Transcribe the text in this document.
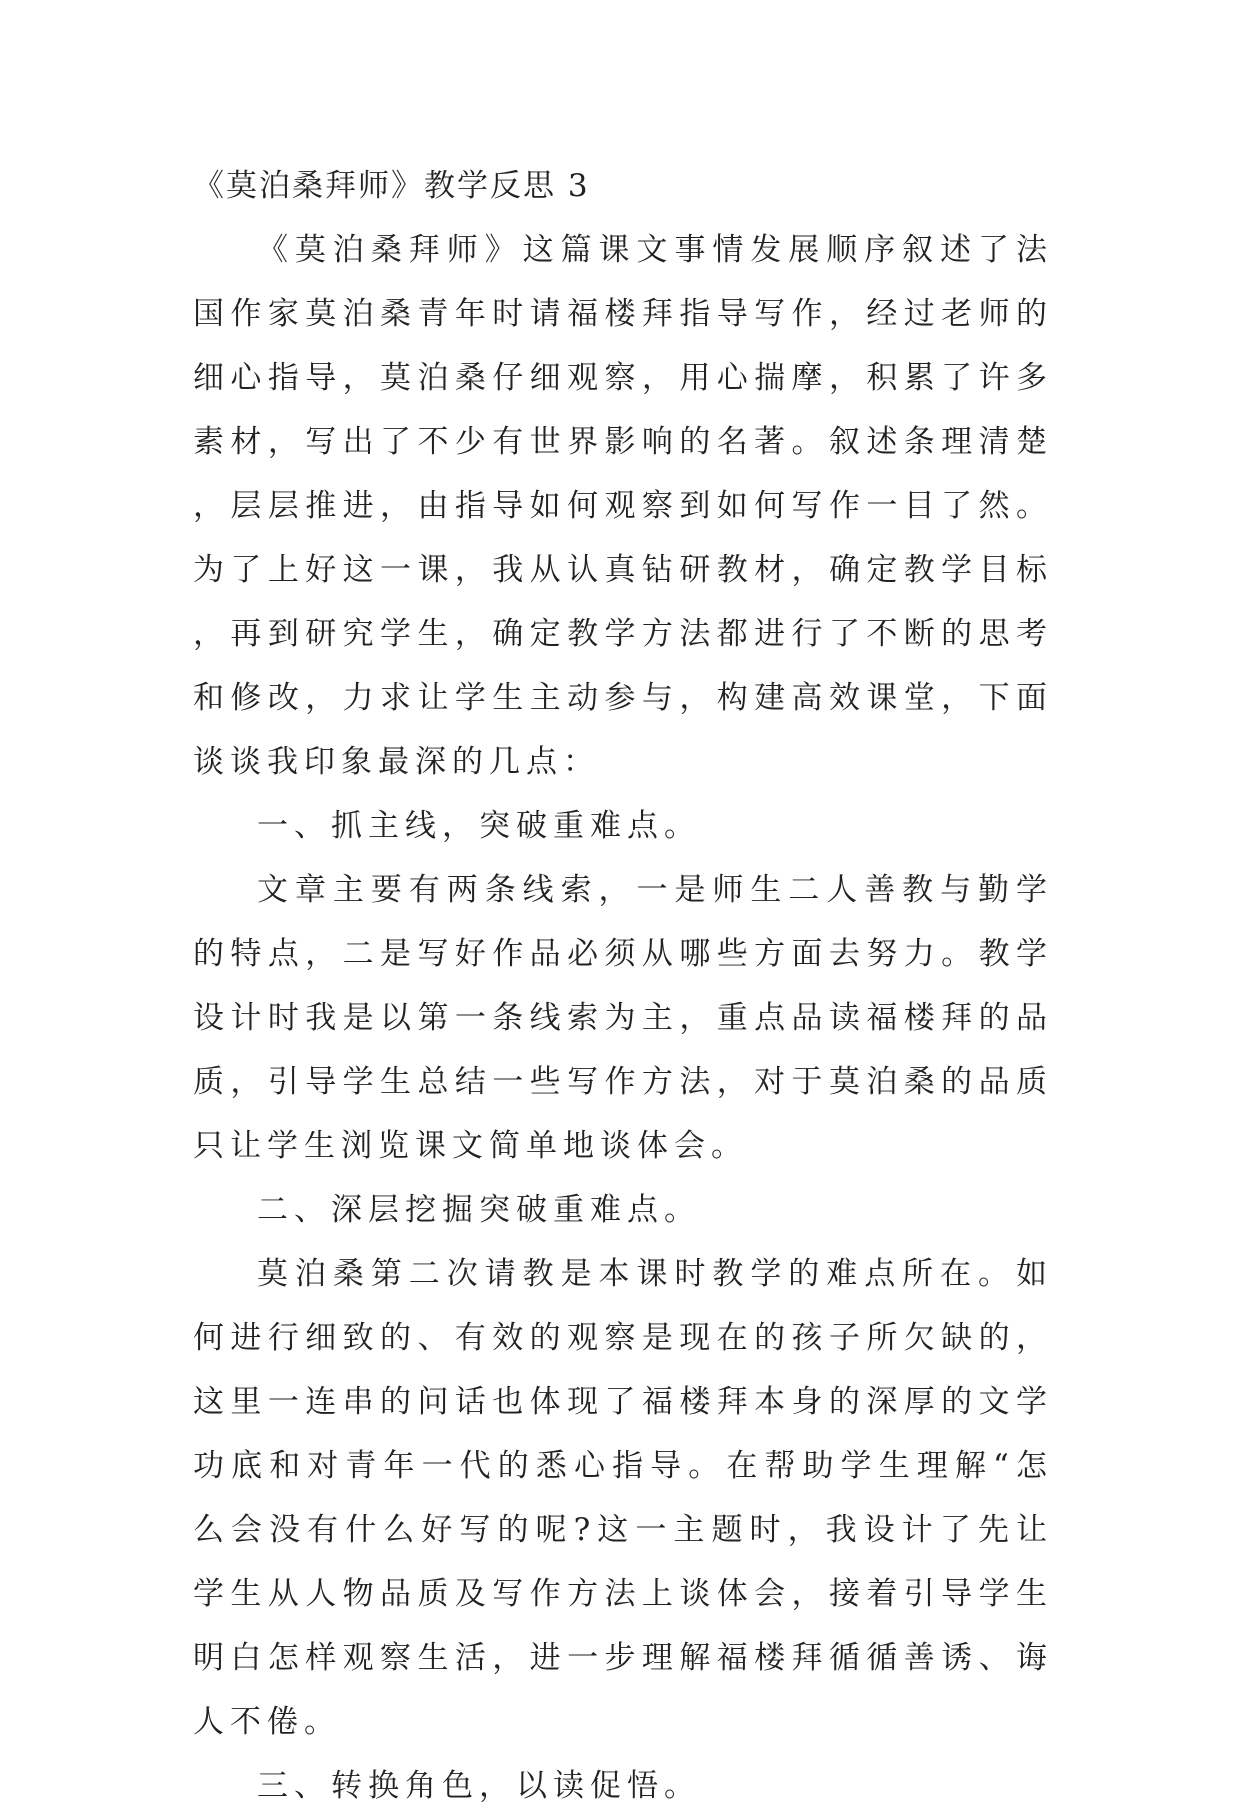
《莫泊桑拜师》教学反思 3

《莫泊桑拜师》这篇课文事情发展顺序叙述了法国作家莫泊桑青年时请福楼拜指导写作，经过老师的细心指导，莫泊桑仔细观察，用心揣摩，积累了许多素材，写出了不少有世界影响的名著。叙述条理清楚，层层推进，由指导如何观察到如何写作一目了然。为了上好这一课，我从认真钻研教材，确定教学目标，再到研究学生，确定教学方法都进行了不断的思考和修改，力求让学生主动参与，构建高效课堂，下面谈谈我印象最深的几点：

一、抓主线，突破重难点。

文章主要有两条线索，一是师生二人善教与勤学的特点，二是写好作品必须从哪些方面去努力。教学设计时我是以第一条线索为主，重点品读福楼拜的品质，引导学生总结一些写作方法，对于莫泊桑的品质只让学生浏览课文简单地谈体会。

二、深层挖掘突破重难点。

莫泊桑第二次请教是本课时教学的难点所在。如何进行细致的、有效的观察是现在的孩子所欠缺的，这里一连串的问话也体现了福楼拜本身的深厚的文学功底和对青年一代的悉心指导。在帮助学生理解“怎么会没有什么好写的呢?这一主题时，我设计了先让学生从人物品质及写作方法上谈体会，接着引导学生明白怎样观察生活，进一步理解福楼拜循循善诱、诲人不倦。

三、转换角色，以读促悟。
